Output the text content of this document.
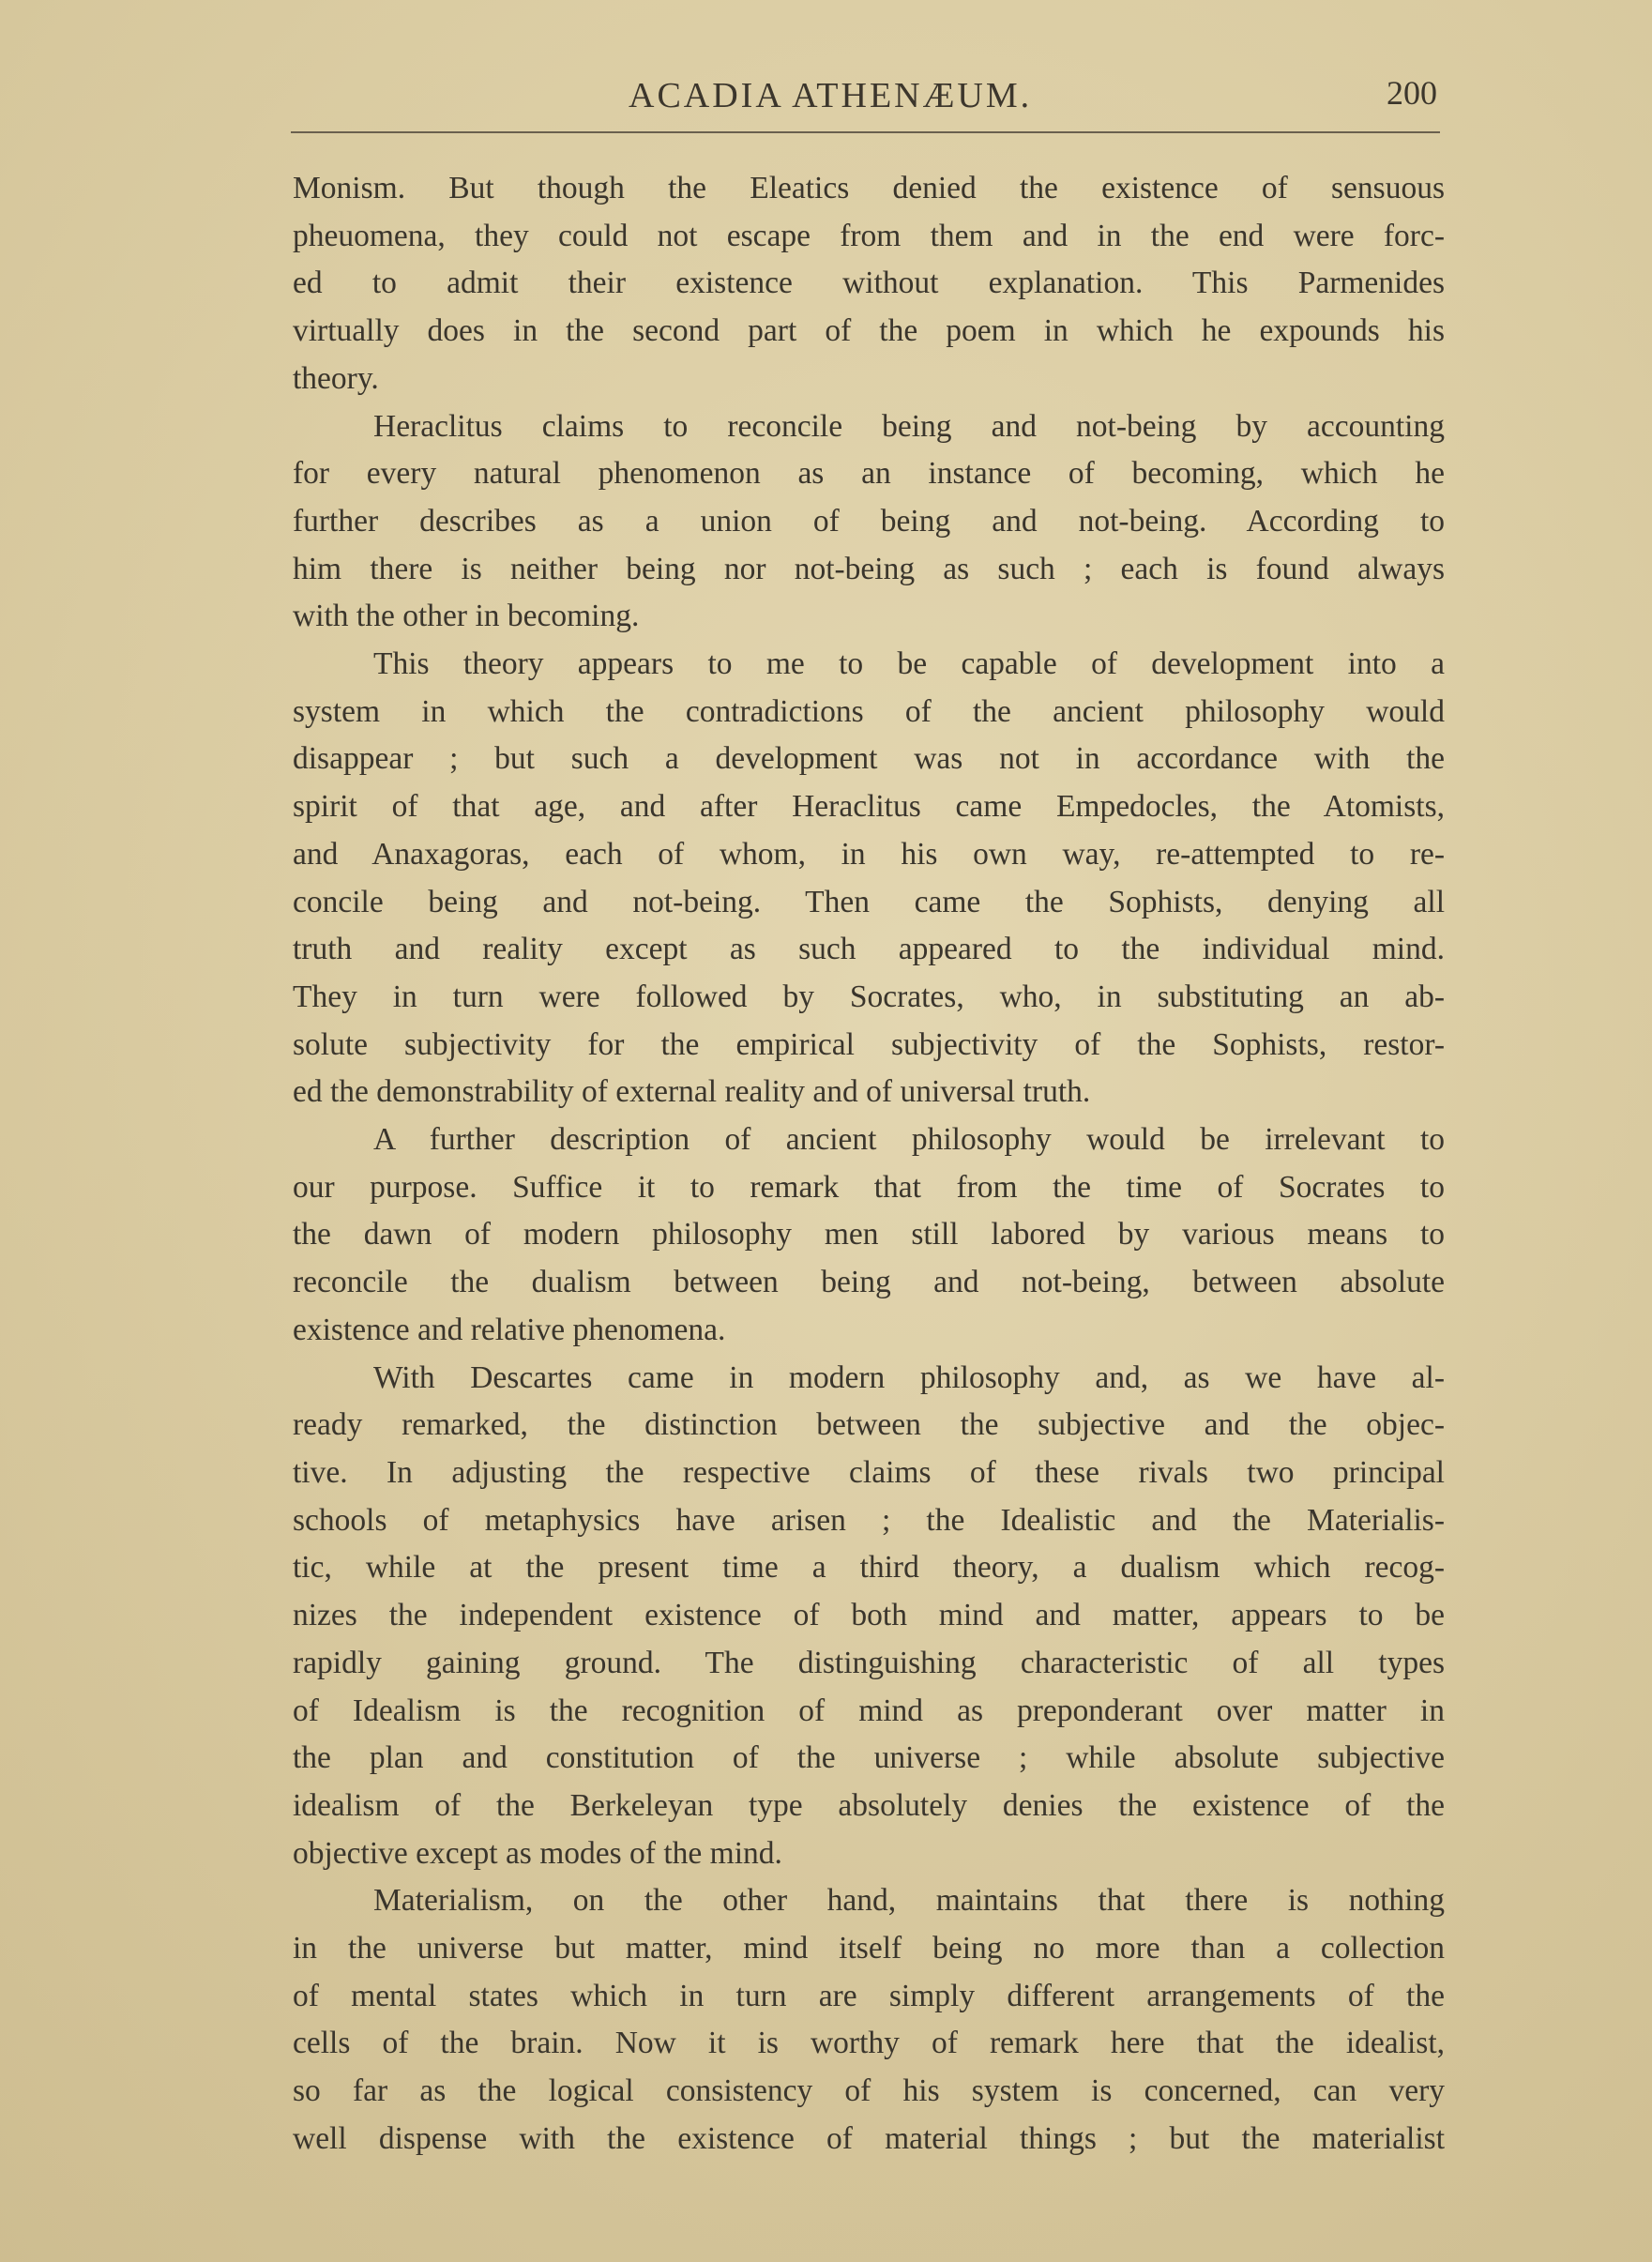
ACADIA ATHENÆUM.	200
Monism. But though the Eleatics denied the existence of sensuous
pheuomena, they could not escape from them and in the end were forc-
ed to admit their existence without explanation. This Parmenides
virtually does in the second part of the poem in which he expounds his
theory.
Heraclitus claims to reconcile being and not-being by accounting
for every natural phenomenon as an instance of becoming, which he
further describes as a union of being and not-being. According to
him there is neither being nor not-being as such ; each is found always
with the other in becoming.
This theory appears to me to be capable of development into a
system in which the contradictions of the ancient philosophy would
disappear ; but such a development was not in accordance with the
spirit of that age, and after Heraclitus came Empedocles, the Atomists,
and Anaxagoras, each of whom, in his own way, re-attempted to re-
concile being and not-being. Then came the Sophists, denying all
truth and reality except as such appeared to the individual mind.
They in turn were followed by Socrates, who, in substituting an ab-
solute subjectivity for the empirical subjectivity of the Sophists, restor-
ed the demonstrability of external reality and of universal truth.
A further description of ancient philosophy would be irrelevant to
our purpose. Suffice it to remark that from the time of Socrates to
the dawn of modern philosophy men still labored by various means to
reconcile the dualism between being and not-being, between absolute
existence and relative phenomena.
With Descartes came in modern philosophy and, as we have al-
ready remarked, the distinction between the subjective and the objec-
tive. In adjusting the respective claims of these rivals two principal
schools of metaphysics have arisen ; the Idealistic and the Materialis-
tic, while at the present time a third theory, a dualism which recog-
nizes the independent existence of both mind and matter, appears to be
rapidly gaining ground. The distinguishing characteristic of all types
of Idealism is the recognition of mind as preponderant over matter in
the plan and constitution of the universe ; while absolute subjective
idealism of the Berkeleyan type absolutely denies the existence of the
objective except as modes of the mind.
Materialism, on the other hand, maintains that there is nothing
in the universe but matter, mind itself being no more than a collection
of mental states which in turn are simply different arrangements of the
cells of the brain. Now it is worthy of remark here that the idealist,
so far as the logical consistency of his system is concerned, can very
well dispense with the existence of material things ; but the materialist
